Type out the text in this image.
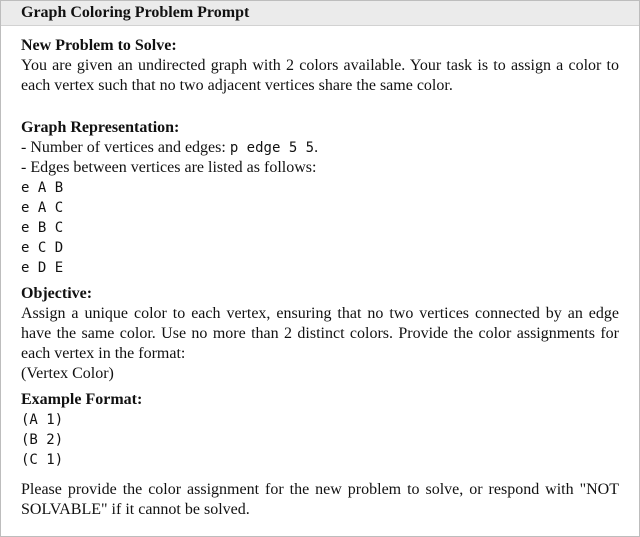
Graph Coloring Problem Prompt
New Problem to Solve:
You are given an undirected graph with 2 colors available. Your task is to assign a color to each vertex such that no two adjacent vertices share the same color.
Graph Representation:
- Number of vertices and edges: p edge 5 5.
- Edges between vertices are listed as follows:
e A B
e A C
e B C
e C D
e D E
Objective:
Assign a unique color to each vertex, ensuring that no two vertices connected by an edge have the same color. Use no more than 2 distinct colors. Provide the color assignments for each vertex in the format:
(Vertex Color)
Example Format:
(A 1)
(B 2)
(C 1)
Please provide the color assignment for the new problem to solve, or respond with "NOT SOLVABLE" if it cannot be solved.
